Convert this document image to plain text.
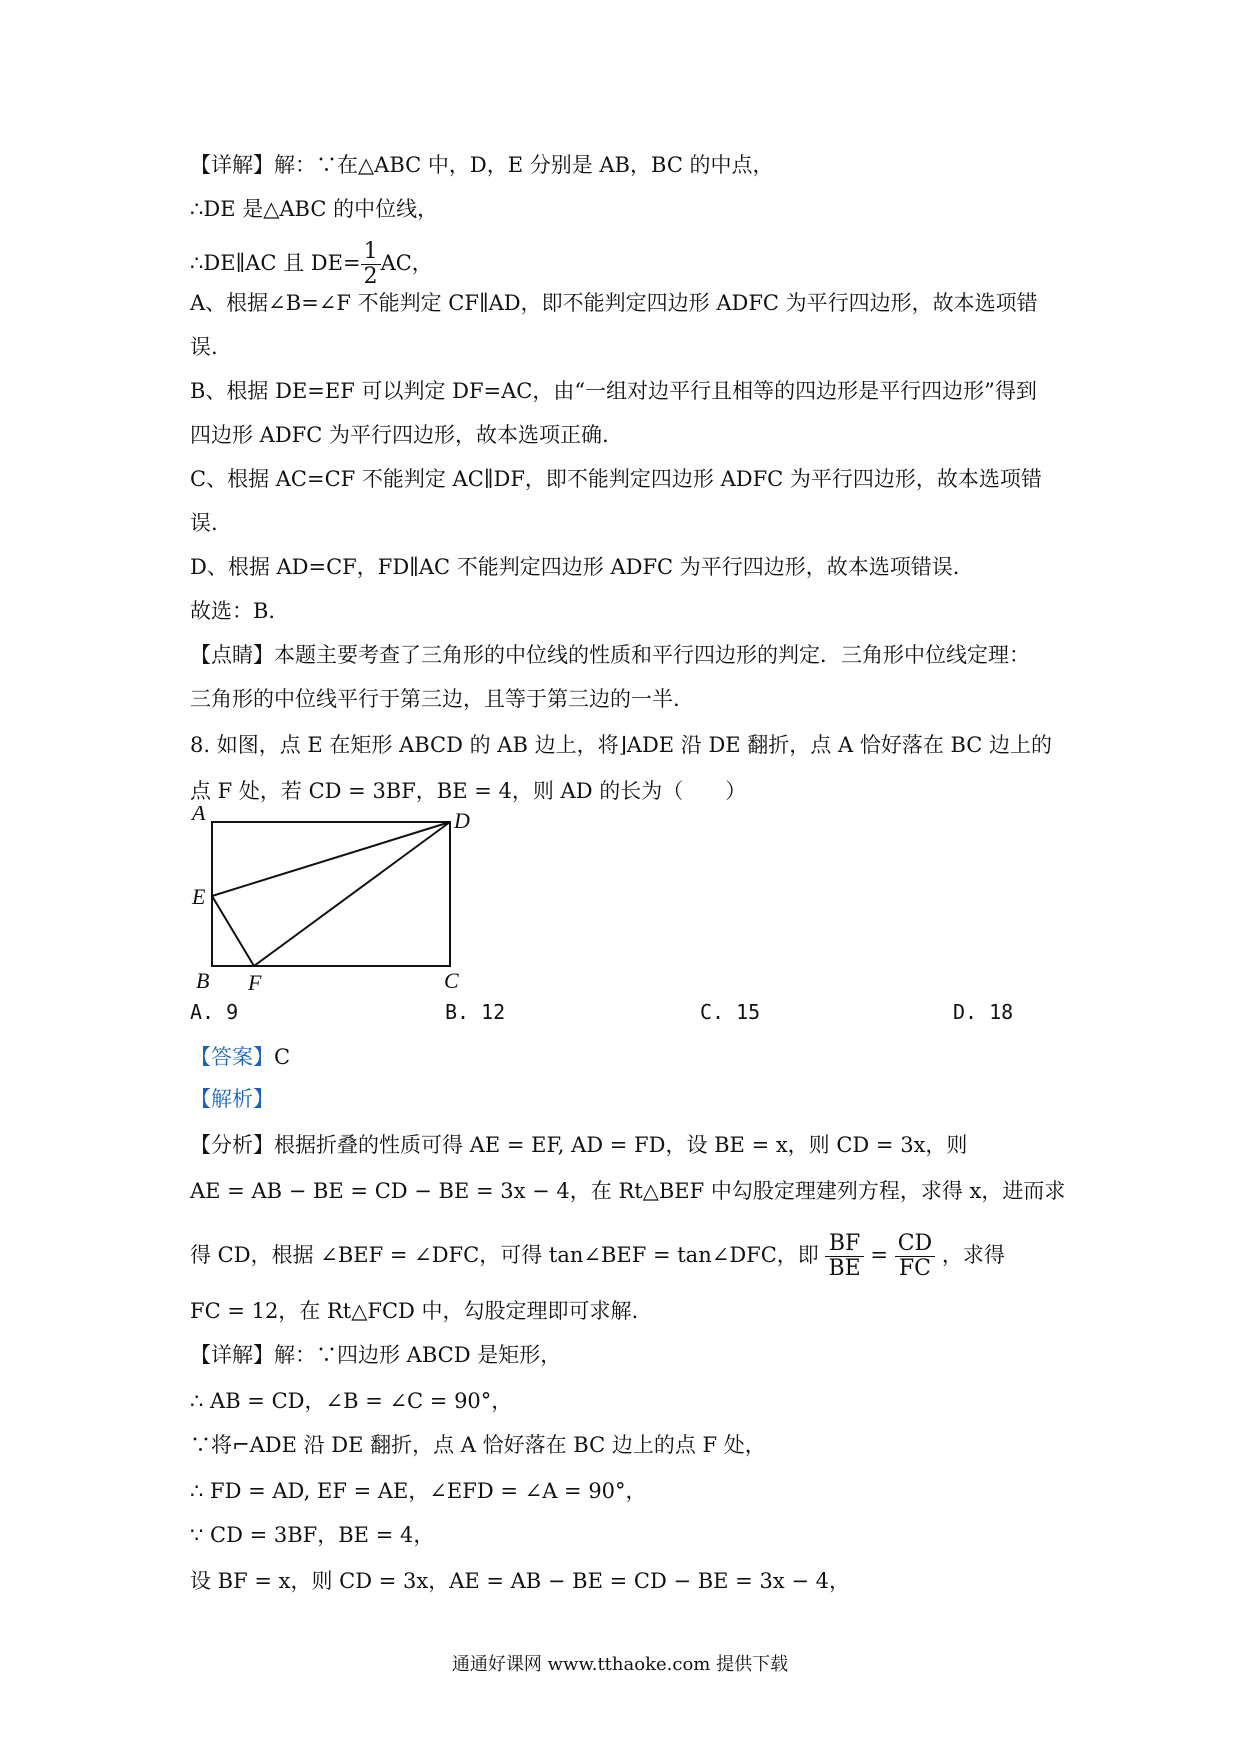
【详解】解：∵在△ABC 中，D，E 分别是 AB，BC 的中点，
∴DE 是△ABC 的中位线，
∴DE∥AC 且 $DE= \frac{1}{2}$ AC，
A、根据∠B=∠F 不能判定 CF∥AD，即不能判定四边形 ADFC 为平行四边形，故本选项错
误.
B、根据 DE=EF 可以判定 DF=AC，由“一组对边平行且相等的四边形是平行四边形”得到
四边形 ADFC 为平行四边形，故本选项正确.
C、根据 AC=CF 不能判定 AC∥DF，即不能判定四边形 ADFC 为平行四边形，故本选项错
误.
D、根据 AD=CF，FD∥AC 不能判定四边形 ADFC 为平行四边形，故本选项错误.
故选：B.
【点睛】本题主要考查了三角形的中位线的性质和平行四边形的判定．三角形中位线定理：
三角形的中位线平行于第三边，且等于第三边的一半.
8. 如图，点 E 在矩形 ABCD 的 AB 边上，将⌋ADE 沿 DE 翻折，点 A 恰好落在 BC 边上的
点 F 处，若 CD = 3BF，BE = 4，则 AD 的长为（　　）
A	D
E
B F	C
A. 9	B. 12	C. 15	D. 18
【答案】C
【解析】
【分析】根据折叠的性质可得 AE = EF, AD = FD，设 BE = x，则 CD = 3x，则
AE = AB − BE = CD − BE = 3x − 4，在 Rt△BEF 中勾股定理建列方程，求得 x，进而求
得 CD，根据 ∠BEF = ∠DFC，可得 tan∠BEF = tan∠DFC，即 $\frac{BF}{BE} = \frac{CD}{FC}$ ，求得
FC = 12，在 Rt△FCD 中，勾股定理即可求解.
【详解】解：∵四边形 ABCD 是矩形，
∴ AB = CD，∠B = ∠C = 90°，
∵将⌐ADE 沿 DE 翻折，点 A 恰好落在 BC 边上的点 F 处，
∴ FD = AD, EF = AE，∠EFD = ∠A = 90°，
∵ CD = 3BF，BE = 4，
设 BF = x，则 CD = 3x，AE = AB − BE = CD − BE = 3x − 4，
通通好课网 www.tthaoke.com 提供下载
